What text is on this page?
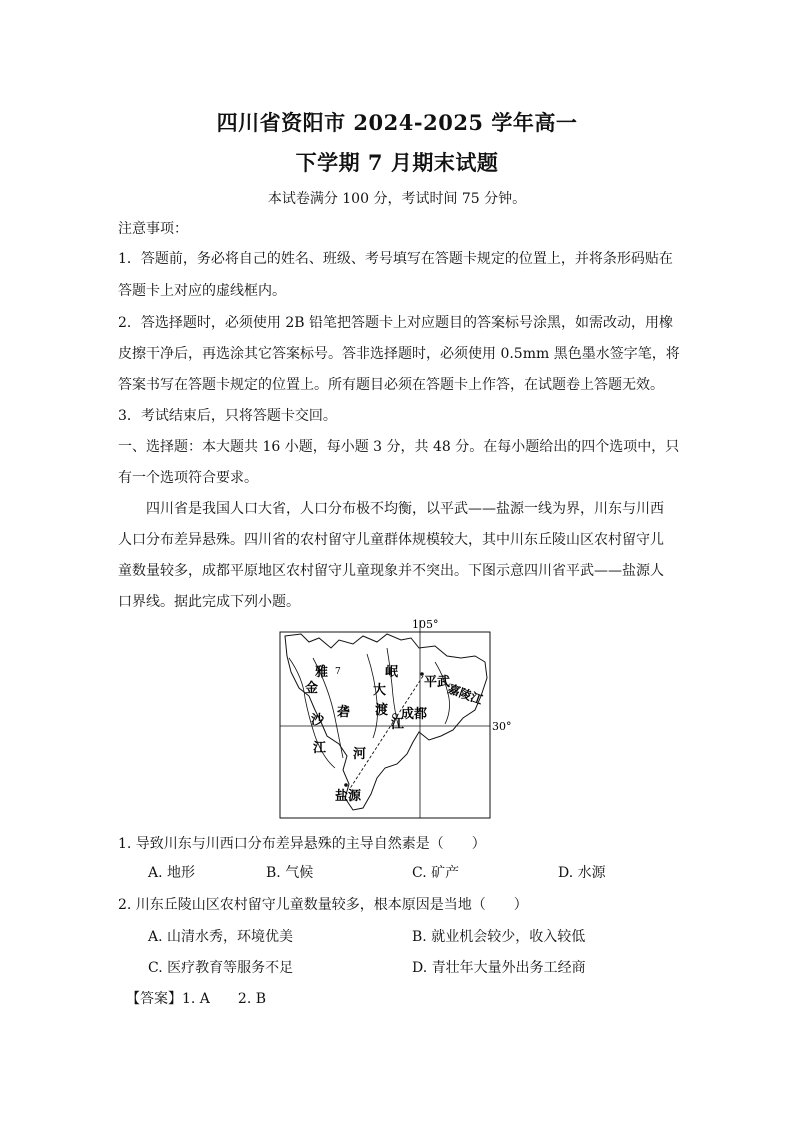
四川省资阳市 2024-2025 学年高一
下学期 7 月期末试题
本试卷满分 100 分，考试时间 75 分钟。
注意事项：
1．答题前，务必将自己的姓名、班级、考号填写在答题卡规定的位置上，并将条形码贴在
答题卡上对应的虚线框内。
2．答选择题时，必须使用 2B 铅笔把答题卡上对应题目的答案标号涂黑，如需改动，用橡
皮擦干净后，再选涂其它答案标号。答非选择题时，必须使用 0.5mm 黑色墨水签字笔，将
答案书写在答题卡规定的位置上。所有题目必须在答题卡上作答，在试题卷上答题无效。
3．考试结束后，只将答题卡交回。
一、选择题：本大题共 16 小题，每小题 3 分，共 48 分。在每小题给出的四个选项中，只
有一个选项符合要求。
四川省是我国人口大省，人口分布极不均衡，以平武——盐源一线为界，川东与川西
人口分布差异悬殊。四川省的农村留守儿童群体规模较大，其中川东丘陵山区农村留守儿
童数量较多，成都平原地区农村留守儿童现象并不突出。下图示意四川省平武——盐源人
口界线。据此完成下列小题。
105°
30°
雅 7
金
沙
江
砻
河
岷
大
渡
江
平武
成都
盐源
嘉陵江
1. 导致川东与川西口分布差异悬殊的主导自然素是（　　）
A. 地形	B. 气候	C. 矿产	D. 水源
2. 川东丘陵山区农村留守儿童数量较多，根本原因是当地（　　）
A. 山清水秀，环境优美	B. 就业机会较少，收入较低
C. 医疗教育等服务不足	D. 青壮年大量外出务工经商
【答案】1. A　　2. B
